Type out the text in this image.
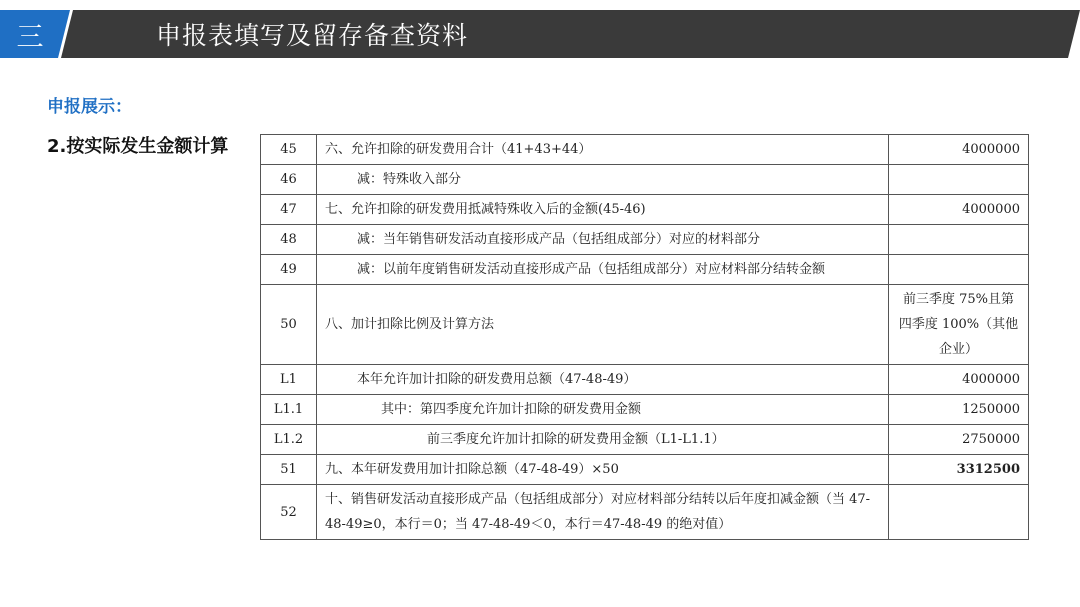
三	申报表填写及留存备查资料
申报展示：
2.按实际发生金额计算	45	六、允许扣除的研发费用合计（41+43+44）	4000000
46	减：特殊收入部分	
47	七、允许扣除的研发费用抵减特殊收入后的金额(45-46)	4000000
48	减：当年销售研发活动直接形成产品（包括组成部分）对应的材料部分	
49	减：以前年度销售研发活动直接形成产品（包括组成部分）对应材料部分结转金额	
50	八、加计扣除比例及计算方法	前三季度 75%且第四季度 100%（其他企业）
L1	本年允许加计扣除的研发费用总额（47-48-49）	4000000
L1.1	其中：第四季度允许加计扣除的研发费用金额	1250000
L1.2	前三季度允许加计扣除的研发费用金额（L1-L1.1）	2750000
51	九、本年研发费用加计扣除总额（47-48-49）×50	3312500
52	十、销售研发活动直接形成产品（包括组成部分）对应材料部分结转以后年度扣减金额（当 47-48-49≥0，本行＝0；当 47-48-49＜0，本行＝47-48-49 的绝对值）	
